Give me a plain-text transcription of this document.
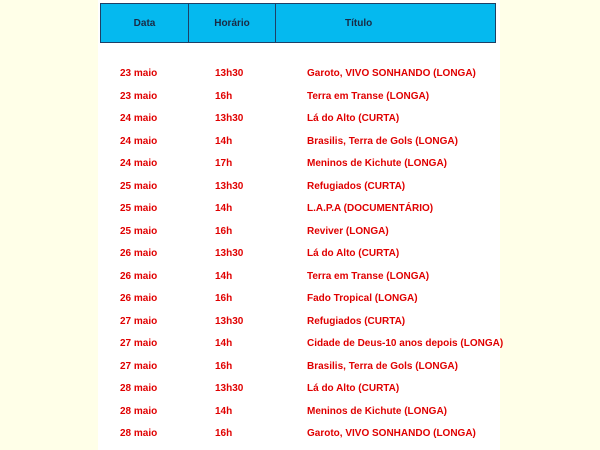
Data	Horário	Título
23 maio	13h30	Garoto, VIVO SONHANDO (LONGA)
23 maio	16h	Terra em Transe (LONGA)
24 maio	13h30	Lá do Alto (CURTA)
24 maio	14h	Brasilis, Terra de Gols (LONGA)
24 maio	17h	Meninos de Kichute (LONGA)
25 maio	13h30	Refugiados (CURTA)
25 maio	14h	L.A.P.A (DOCUMENTÁRIO)
25 maio	16h	Reviver (LONGA)
26 maio	13h30	Lá do Alto (CURTA)
26 maio	14h	Terra em Transe (LONGA)
26 maio	16h	Fado Tropical (LONGA)
27 maio	13h30	Refugiados (CURTA)
27 maio	14h	Cidade de Deus-10 anos depois (LONGA)
27 maio	16h	Brasilis, Terra de Gols (LONGA)
28 maio	13h30	Lá do Alto (CURTA)
28 maio	14h	Meninos de Kichute (LONGA)
28 maio	16h	Garoto, VIVO SONHANDO (LONGA)
